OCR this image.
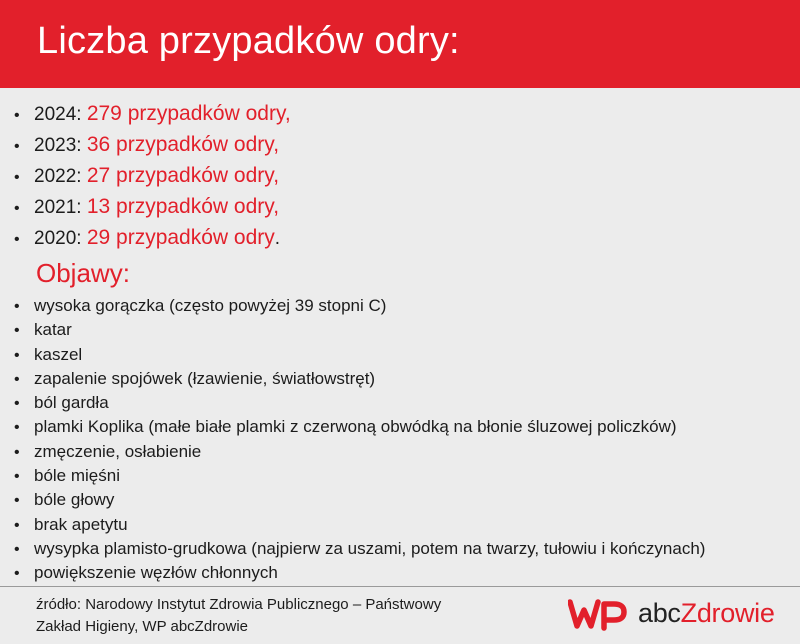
Liczba przypadków odry:
• 2024: 279 przypadków odry,
• 2023: 36 przypadków odry,
• 2022: 27 przypadków odry,
• 2021: 13 przypadków odry,
• 2020: 29 przypadków odry.
Objawy:
• wysoka gorączka (często powyżej 39 stopni C)
• katar
• kaszel
• zapalenie spojówek (łzawienie, światłowstręt)
• ból gardła
• plamki Koplika (małe białe plamki z czerwoną obwódką na błonie śluzowej policzków)
• zmęczenie, osłabienie
• bóle mięśni
• bóle głowy
• brak apetytu
• wysypka plamisto-grudkowa (najpierw za uszami, potem na twarzy, tułowiu i kończynach)
• powiększenie węzłów chłonnych
źródło: Narodowy Instytut Zdrowia Publicznego – Państwowy
Zakład Higieny, WP abcZdrowie	abcZdrowie
